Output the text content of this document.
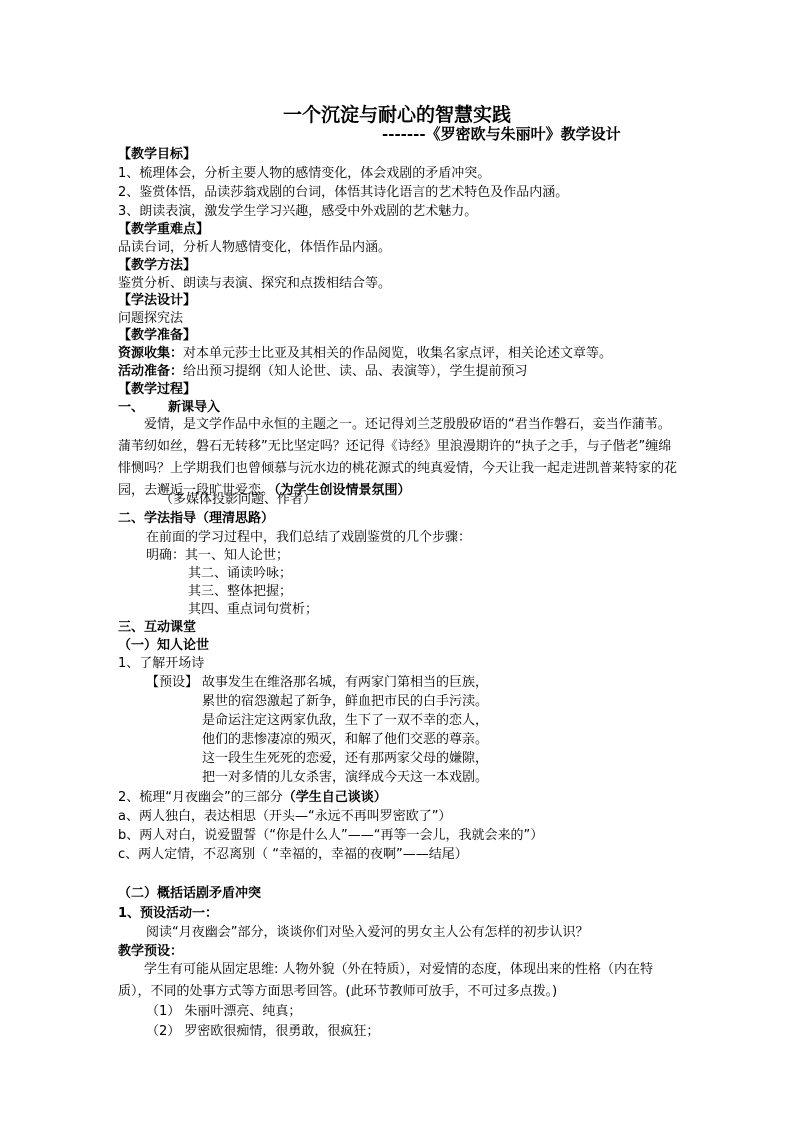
一个沉淀与耐心的智慧实践
-------《罗密欧与朱丽叶》教学设计
【教学目标】
1、梳理体会，分析主要人物的感情变化，体会戏剧的矛盾冲突。
2、鉴赏体悟，品读莎翁戏剧的台词，体悟其诗化语言的艺术特色及作品内涵。
3、朗读表演，激发学生学习兴趣，感受中外戏剧的艺术魅力。
【教学重难点】
品读台词，分析人物感情变化，体悟作品内涵。
【教学方法】
鉴赏分析、朗读与表演、探究和点拨相结合等。
【学法设计】
问题探究法
【教学准备】
资源收集：对本单元莎士比亚及其相关的作品阅览，收集名家点评，相关论述文章等。
活动准备：给出预习提纲（知人论世、读、品、表演等），学生提前预习
【教学过程】
一、 新课导入
爱情，是文学作品中永恒的主题之一。还记得刘兰芝殷殷矽语的“君当作磐石，妾当作蒲苇。蒲苇纫如丝，磐石无转移”无比坚定吗？还记得《诗经》里浪漫期许的“执子之手，与子偕老”缠绵悱恻吗？上学期我们也曾倾慕与沅水边的桃花源式的纯真爱情，今天让我一起走进凯普莱特家的花园，去邂逅一段旷世爱恋。（为学生创设情景氛围）
（多媒体投影问题、作者）
二、学法指导（理清思路）
在前面的学习过程中，我们总结了戏剧鉴赏的几个步骤：
明确：其一、知人论世；
其二、诵读吟咏；
其三、整体把握；
其四、重点词句赏析；
三、互动课堂
（一）知人论世
1、了解开场诗
【预设】 故事发生在维洛那名城，有两家门第相当的巨族，
累世的宿怨激起了新争，鲜血把市民的白手污渎。
是命运注定这两家仇敌，生下了一双不幸的恋人，
他们的悲惨凄凉的殒灭，和解了他们交恶的尊亲。
这一段生生死死的恋爱，还有那两家父母的嫌隙，
把一对多情的儿女杀害，演绎成今天这一本戏剧。
2、梳理“月夜幽会”的三部分（学生自己谈谈）
a、两人独白，表达相思（开头—“永远不再叫罗密欧了”）
b、两人对白，说爱盟誓（“你是什么人”——“再等一会儿，我就会来的”）
c、两人定情，不忍离别（ “幸福的，幸福的夜啊”——结尾）
（二）概括话剧矛盾冲突
1、预设活动一：
阅读“月夜幽会”部分，谈谈你们对坠入爱河的男女主人公有怎样的初步认识？
教学预设：
学生有可能从固定思维: 人物外貌（外在特质），对爱情的态度，体现出来的性格（内在特质），不同的处事方式等方面思考回答。(此环节教师可放手，不可过多点拨。)
（1） 朱丽叶漂亮、纯真；
（2） 罗密欧很痴情，很勇敢，很疯狂；
